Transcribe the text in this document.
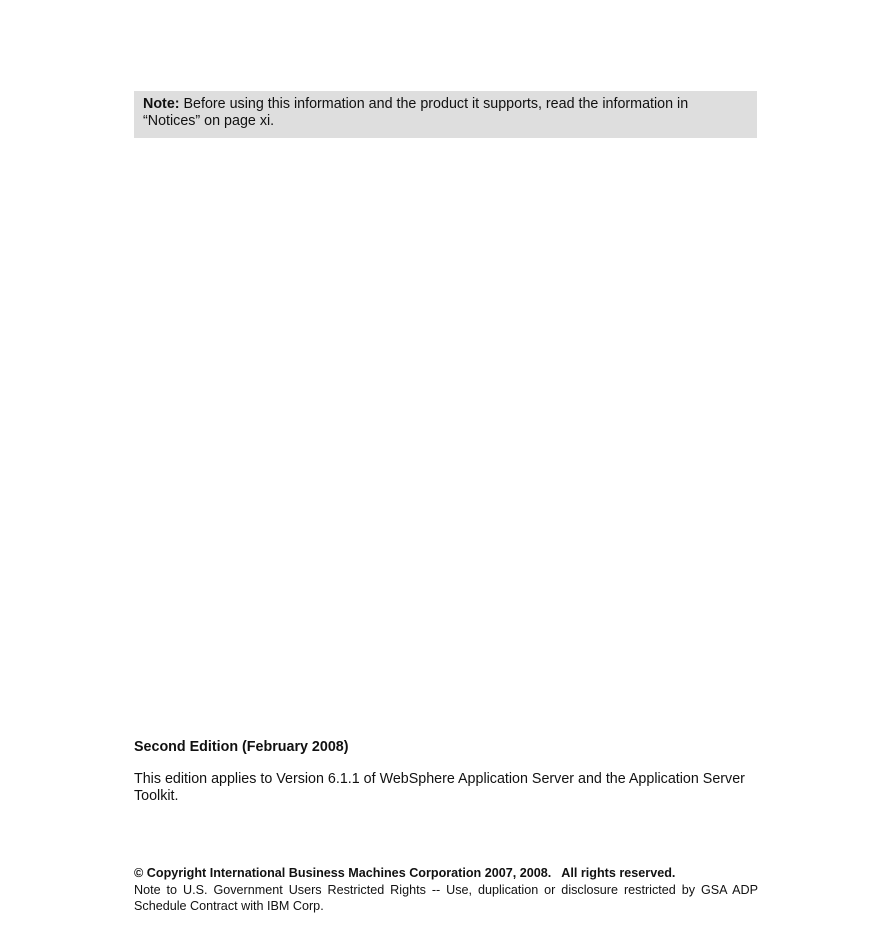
Note: Before using this information and the product it supports, read the information in “Notices” on page xi.
Second Edition (February 2008)
This edition applies to Version 6.1.1 of WebSphere Application Server and the Application Server Toolkit.
© Copyright International Business Machines Corporation 2007, 2008.   All rights reserved.
Note to U.S. Government Users Restricted Rights -- Use, duplication or disclosure restricted by GSA ADP Schedule Contract with IBM Corp.
